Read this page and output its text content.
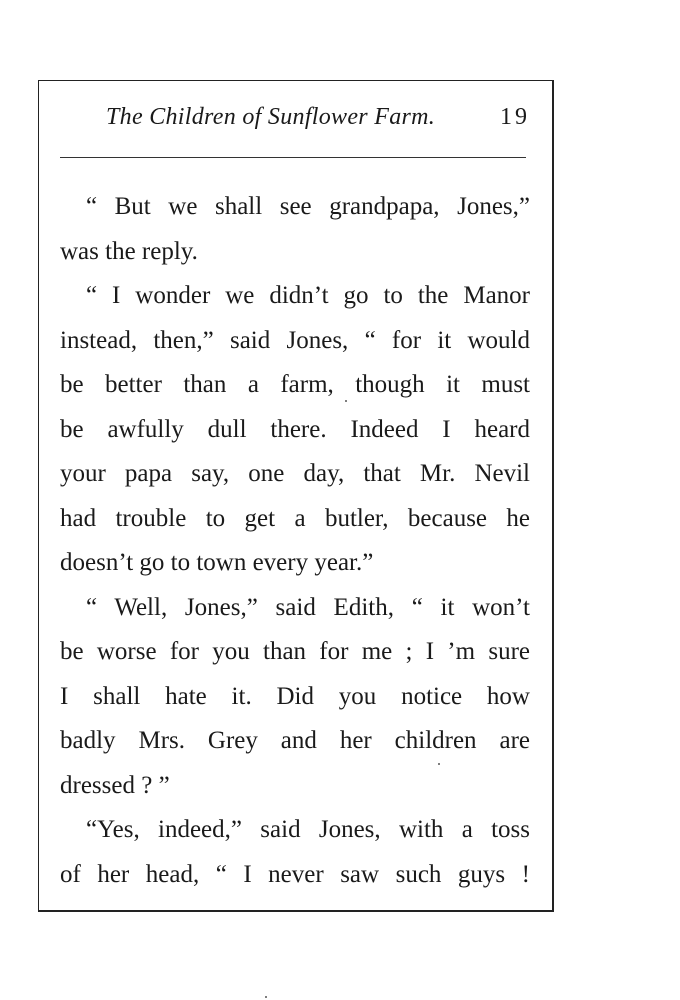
The Children of Sunflower Farm.	19
“ But we shall see grandpapa, Jones,”
was the reply.
“ I wonder we didn’t go to the Manor
instead, then,” said Jones, “ for it would
be better than a farm, though it must
be awfully dull there. Indeed I heard
your papa say, one day, that Mr. Nevil
had trouble to get a butler, because he
doesn’t go to town every year.”
“ Well, Jones,” said Edith, “ it won’t
be worse for you than for me ; I ’m sure
I shall hate it. Did you notice how
badly Mrs. Grey and her children are
dressed ? ”
“Yes, indeed,” said Jones, with a toss
of her head, “ I never saw such guys !
